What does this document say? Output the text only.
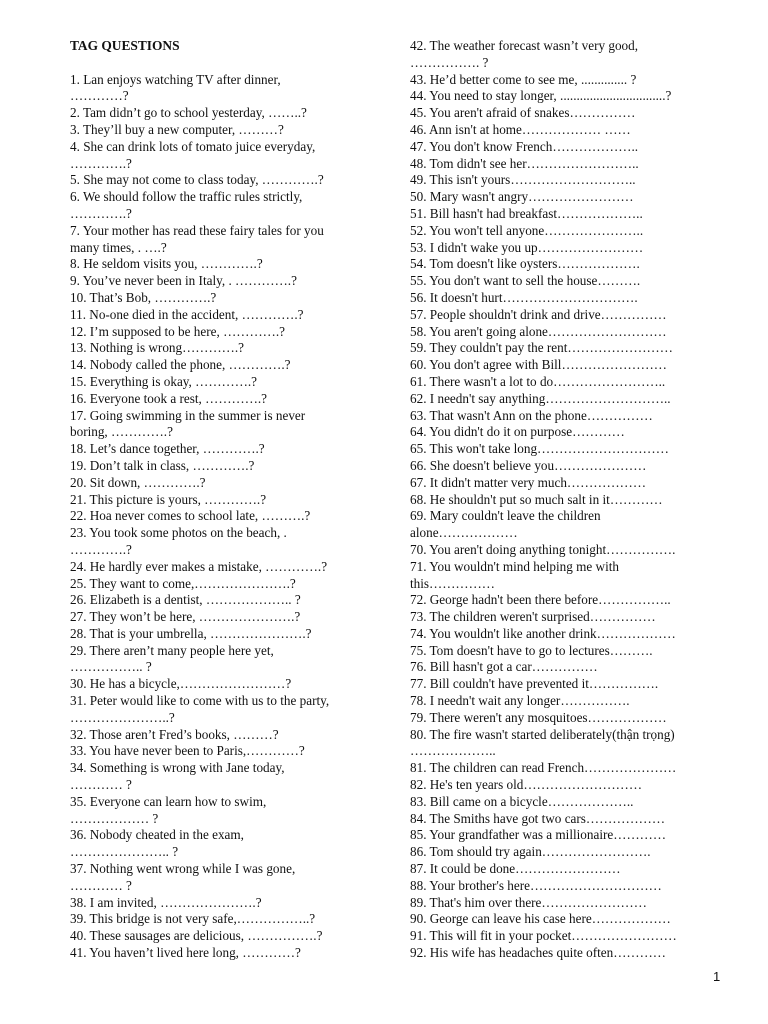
TAG QUESTIONS
1. Lan enjoys watching TV after dinner,
…………?
2. Tam didn’t go to school yesterday, ……..?
3. They’ll buy a new computer, ………?
4. She can drink lots of tomato juice everyday,
………….?
5. She may not come to class today, ………….?
6. We should follow the traffic rules strictly,
………….?
7. Your mother has read these fairy tales for you
many times, . ….?
8. He seldom visits you, ………….?
9. You’ve never been in Italy, . ………….?
10. That’s Bob, ………….?
11. No-one died in the accident, ………….?
12. I’m supposed to be here, ………….?
13. Nothing is wrong………….?
14. Nobody called the phone, ………….?
15. Everything is okay, ………….?
16. Everyone took a rest, ………….?
17. Going swimming in the summer is never
boring, ………….?
18. Let’s dance together, ………….?
19. Don’t talk in class, ………….?
20. Sit down, ………….?
21. This picture is yours, ………….?
22. Hoa never comes to school late, ……….?
23. You took some photos on the beach, .
………….?
24. He hardly ever makes a mistake, ………….?
25. They want to come,………………….?
26. Elizabeth is a dentist, ……………….. ?
27. They won’t be here, ………………….?
28. That is your umbrella, ………………….?
29. There aren’t many people here yet,
…………….. ?
30. He has a bicycle,……………………?
31. Peter would like to come with us to the party,
…………………..?
32. Those aren’t Fred’s books, ………?
33. You have never been to Paris,…………?
34. Something is wrong with Jane today,
………… ?
35. Everyone can learn how to swim,
……………… ?
36. Nobody cheated in the exam,
………………….. ?
37. Nothing went wrong while I was gone,
………… ?
38. I am invited, ………………….?
39. This bridge is not very safe,……………..?
40. These sausages are delicious, …………….?
41. You haven’t lived here long, …………?
42. The weather forecast wasn’t very good,
……………. ?
43. He’d better come to see me, .............. ?
44. You need to stay longer, ................................?
45. You aren't afraid of snakes……………
46. Ann isn't at home……………… ……
47. You don't know French………………..
48. Tom didn't see her……………………..
49. This isn't yours………………………..
50. Mary wasn't angry……………………
51. Bill hasn't had breakfast………………..
52. You won't tell anyone…………………..
53. I didn't wake you up……………………
54. Tom doesn't like oysters……………….
55. You don't want to sell the house……….
56. It doesn't hurt………………………….
57. People shouldn't drink and drive……………
58. You aren't going alone………………………
59. They couldn't pay the rent……………………
60. You don't agree with Bill……………………
61. There wasn't a lot to do……………………..
62. I needn't say anything………………………..
63. That wasn't Ann on the phone……………
64. You didn't do it on purpose…………
65. This won't take long…………………………
66. She doesn't believe you…………………
67. It didn't matter very much………………
68. He shouldn't put so much salt in it…………
69. Mary couldn't leave the children
alone………………
70. You aren't doing anything tonight…………….
71. You wouldn't mind helping me with
this……………
72. George hadn't been there before……………..
73. The children weren't surprised……………
74. You wouldn't like another drink………………
75. Tom doesn't have to go to lectures……….
76. Bill hasn't got a car……………
77. Bill couldn't have prevented it…………….
78. I needn't wait any longer…………….
79. There weren't any mosquitoes………………
80. The fire wasn't started deliberately(thận trọng)
………………..
81. The children can read French…………………
82. He's ten years old………………………
83. Bill came on a bicycle………………..
84. The Smiths have got two cars………………
85. Your grandfather was a millionaire…………
86. Tom should try again…………………….
87. It could be done……………………
88. Your brother's here…………………………
89. That's him over there……………………
90. George can leave his case here………………
91. This will fit in your pocket……………………
92. His wife has headaches quite often…………
1
